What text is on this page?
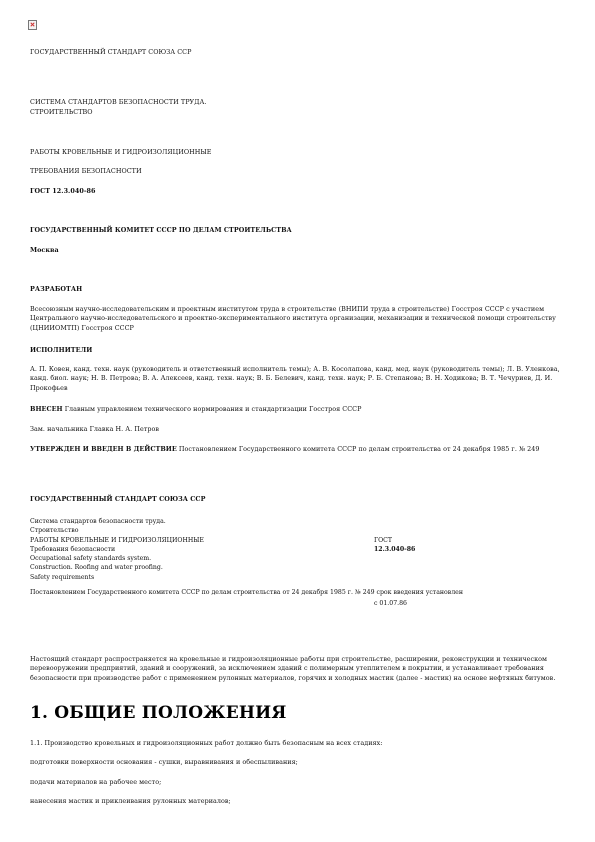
ГОСУДАРСТВЕННЫЙ СТАНДАРТ СОЮЗА ССР
СИСТЕМА СТАНДАРТОВ БЕЗОПАСНОСТИ ТРУДА.
СТРОИТЕЛЬСТВО
РАБОТЫ КРОВЕЛЬНЫЕ И ГИДРОИЗОЛЯЦИОННЫЕ
ТРЕБОВАНИЯ БЕЗОПАСНОСТИ
ГОСТ 12.3.040-86
ГОСУДАРСТВЕННЫЙ КОМИТЕТ СССР ПО ДЕЛАМ СТРОИТЕЛЬСТВА
Москва
РАЗРАБОТАН
Всесоюзным научно-исследовательским и проектным институтом труда в строительстве (ВНИПИ труда в строительстве) Госстроя СССР с участием Центрального научно-исследовательского и проектно-экспериментального института организации, механизации и технической помощи строительству (ЦНИИОМТП) Госстроя СССР
ИСПОЛНИТЕЛИ
А. П. Ковен, канд. техн. наук (руководитель и ответственный исполнитель темы); А. В. Косолапова, канд. мед. наук (руководитель темы); Л. В. Уленкова, канд. биол. наук; Н. В. Петрова; В. А. Алексеев, канд. техн. наук; В. Б. Белевич, канд. техн. наук; Р. Б. Степанова; В. Н. Ходикова; В. Т. Чечуриев, Д. И. Прокофьев
ВНЕСЕН Главным управлением технического нормирования и стандартизации Госстроя СССР
Зам. начальника Главка Н. А. Петров
УТВЕРЖДЕН И ВВЕДЕН В ДЕЙСТВИЕ Постановлением Государственного комитета СССР по делам строительства от 24 декабря 1985 г. № 249
ГОСУДАРСТВЕННЫЙ СТАНДАРТ СОЮЗА ССР
Система стандартов безопасности труда.
Строительство
РАБОТЫ КРОВЕЛЬНЫЕ И ГИДРОИЗОЛЯЦИОННЫЕ	ГОСТ
Требования безопасности	12.3.040-86
Occupational safety standards system.
Construction. Roofing and water proofing.
Safety requirements
Постановлением Государственного комитета СССР по делам строительства от 24 декабря 1985 г. № 249 срок введения установлен
с 01.07.86
Настоящий стандарт распространяется на кровельные и гидроизоляционные работы при строительстве, расширении, реконструкции и техническом перевооружении предприятий, зданий и сооружений, за исключением зданий с полимерным утеплителем в покрытии, и устанавливает требования безопасности при производстве работ с применением рулонных материалов, горячих и холодных мастик (далее - мастик) на основе нефтяных битумов.
1. ОБЩИЕ ПОЛОЖЕНИЯ

1.1. Производство кровельных и гидроизоляционных работ должно быть безопасным на всех стадиях:

подготовки поверхности основания - сушки, выравнивания и обеспыливания;
подачи материалов на рабочее место;
нанесения мастик и приклеивания рулонных материалов;
